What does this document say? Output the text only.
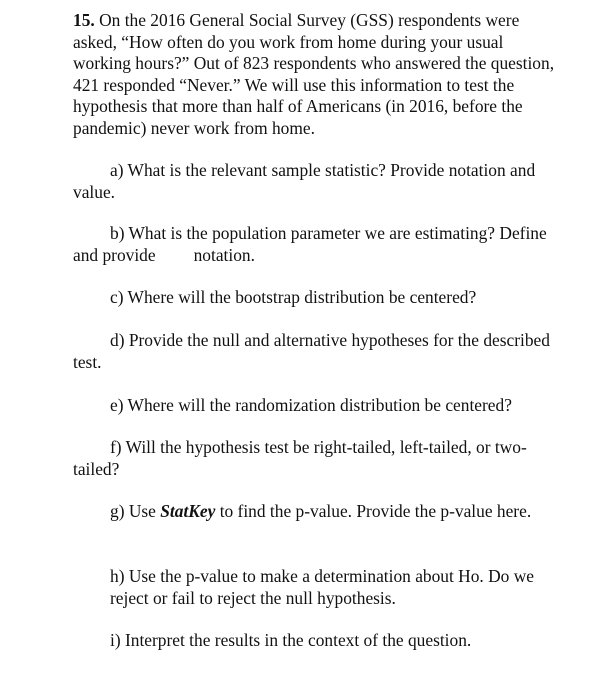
15. On the 2016 General Social Survey (GSS) respondents were asked, “How often do you work from home during your usual working hours?” Out of 823 respondents who answered the question, 421 responded “Never.” We will use this information to test the hypothesis that more than half of Americans (in 2016, before the pandemic) never work from home.

a) What is the relevant sample statistic? Provide notation and value.

b) What is the population parameter we are estimating? Define and provide notation.

c) Where will the bootstrap distribution be centered?

d) Provide the null and alternative hypotheses for the described test.

e) Where will the randomization distribution be centered?

f) Will the hypothesis test be right-tailed, left-tailed, or two-tailed?

g) Use StatKey to find the p-value. Provide the p-value here.

h) Use the p-value to make a determination about Ho. Do we reject or fail to reject the null hypothesis.

i) Interpret the results in the context of the question.
